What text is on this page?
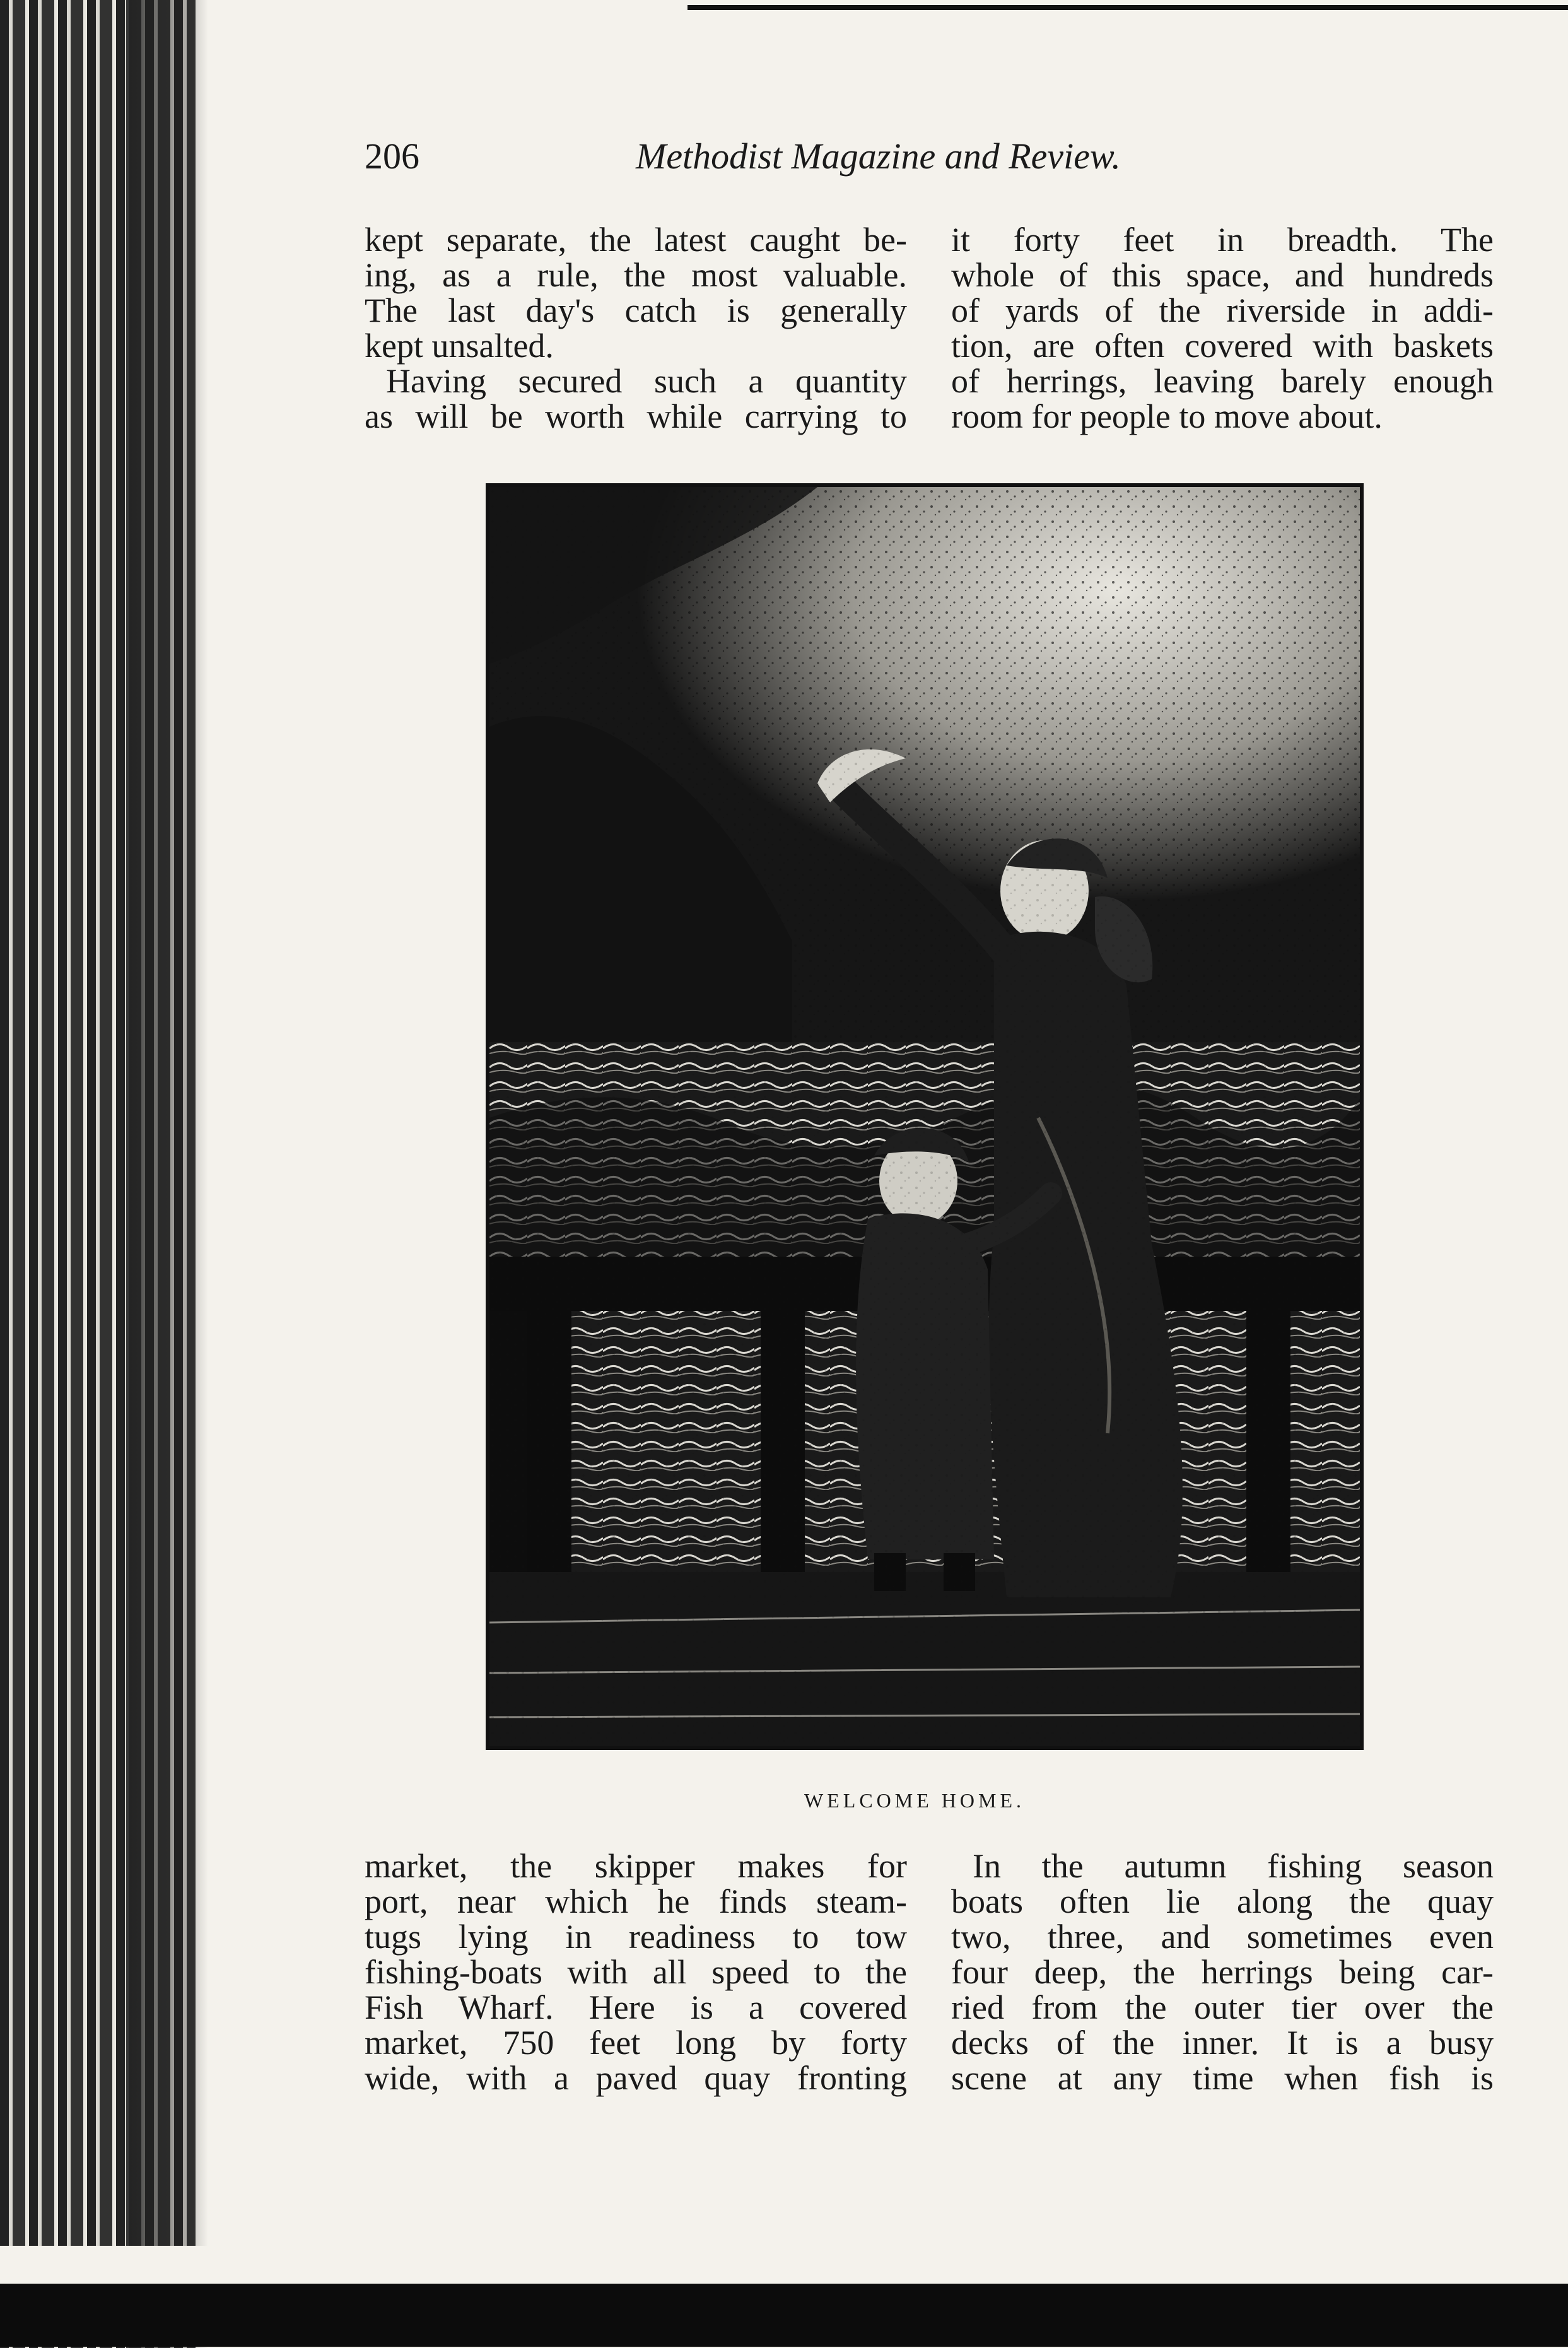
206	Methodist Magazine and Review.
kept separate, the latest caught be-
ing, as a rule, the most valuable.
The last day's catch is generally
kept unsalted.
Having secured such a quantity
as will be worth while carrying to
it forty feet in breadth. The
whole of this space, and hundreds
of yards of the riverside in addi-
tion, are often covered with baskets
of herrings, leaving barely enough
room for people to move about.
WELCOME HOME.
market, the skipper makes for
port, near which he finds steam-
tugs lying in readiness to tow
fishing-boats with all speed to the
Fish Wharf. Here is a covered
market, 750 feet long by forty
wide, with a paved quay fronting
In the autumn fishing season
boats often lie along the quay
two, three, and sometimes even
four deep, the herrings being car-
ried from the outer tier over the
decks of the inner. It is a busy
scene at any time when fish is
